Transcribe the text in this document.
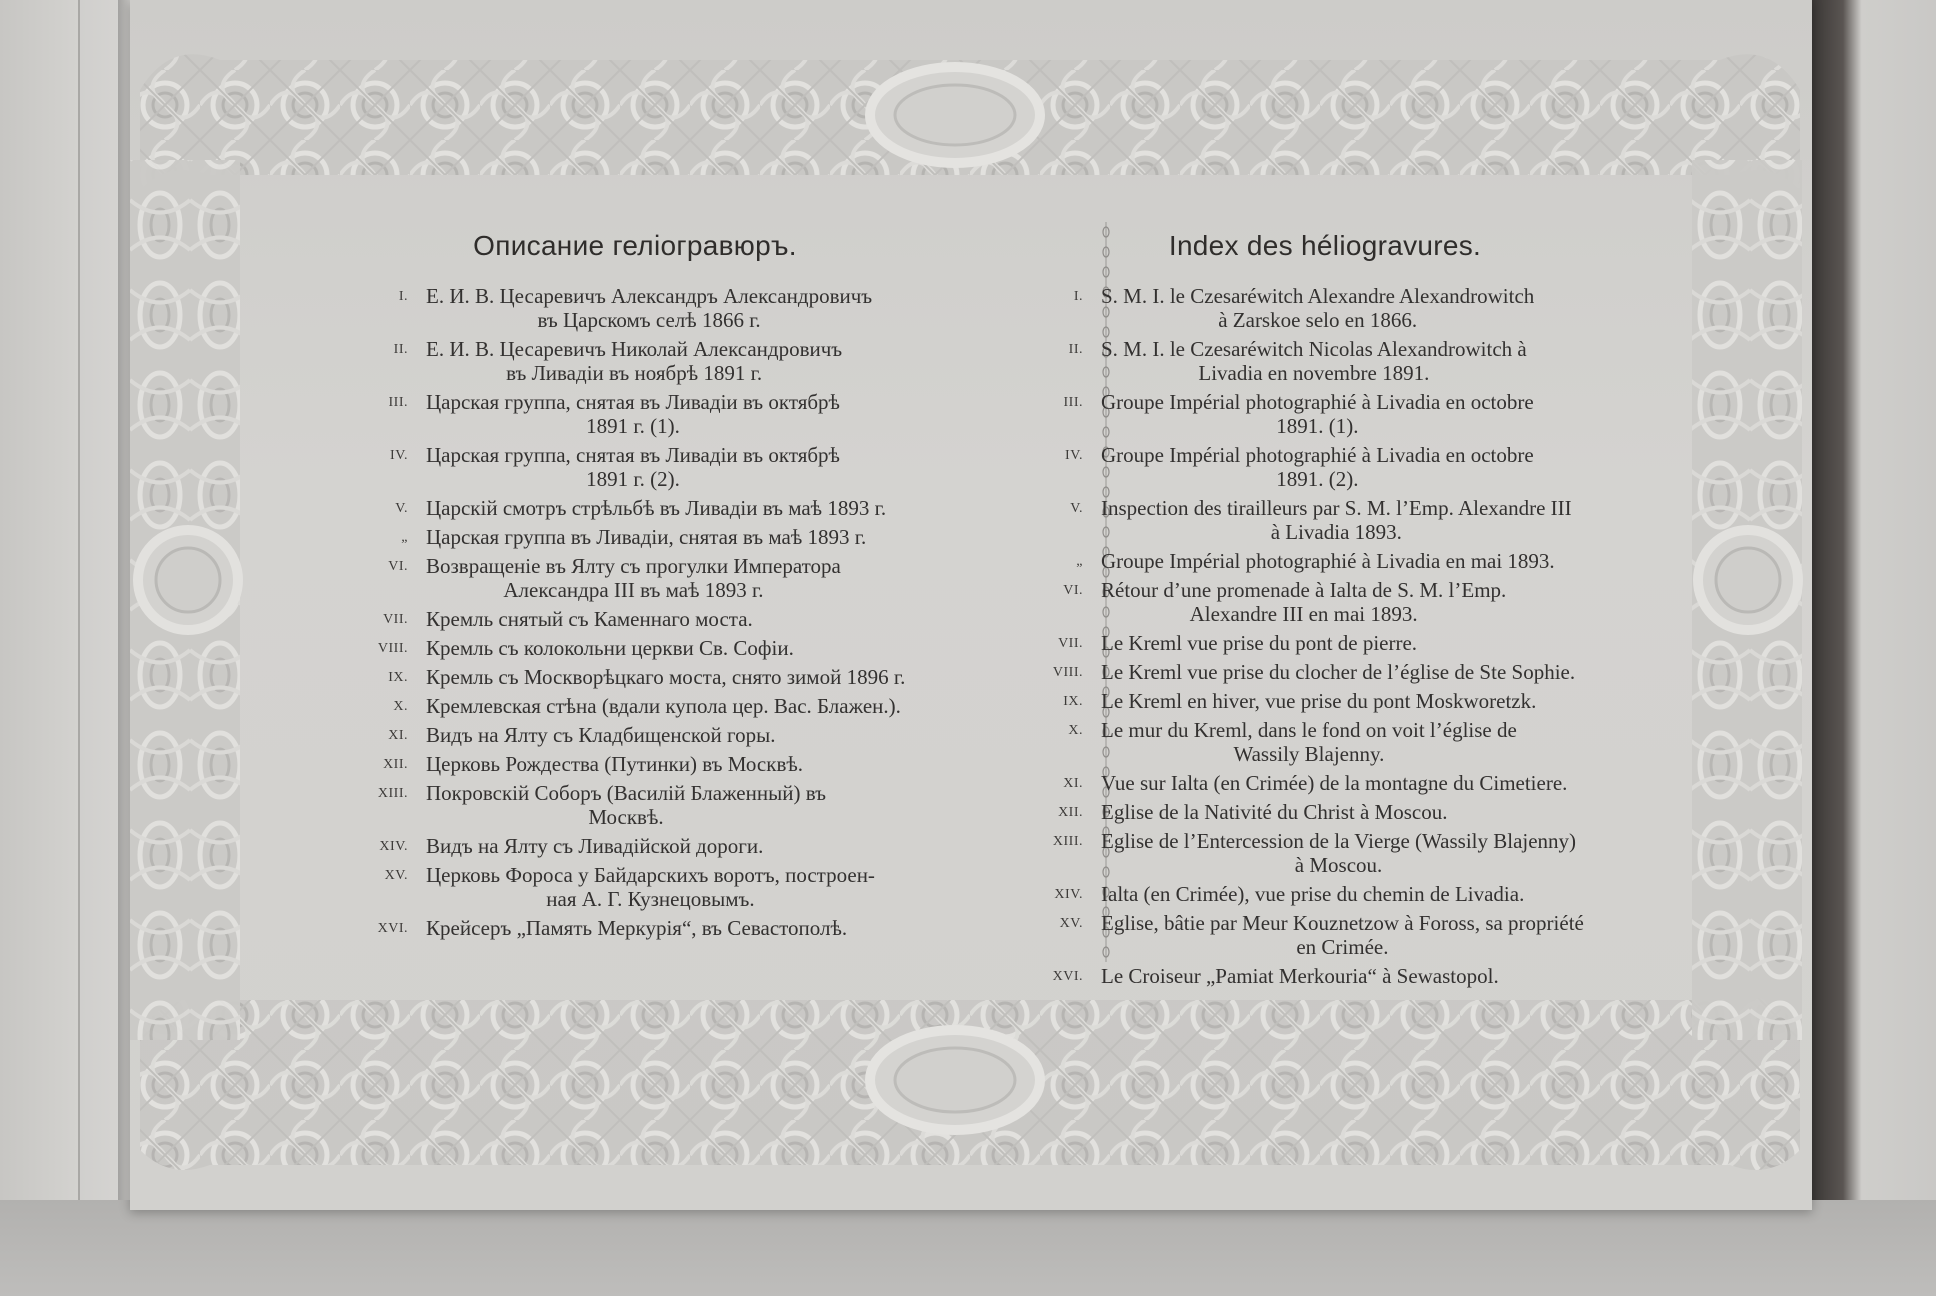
Описание геліогравюръ.
I. Е. И. В. Цесаревичъ Александръ Александровичъ
въ Царскомъ селѣ 1866 г.
II. Е. И. В. Цесаревичъ Николай Александровичъ
въ Ливадіи въ ноябрѣ 1891 г.
III. Царская группа, снятая въ Ливадіи въ октябрѣ
1891 г. (1).
IV. Царская группа, снятая въ Ливадіи въ октябрѣ
1891 г. (2).
V. Царскій смотръ стрѣльбѣ въ Ливадіи въ маѣ 1893 г.
„ Царская группа въ Ливадіи, снятая въ маѣ 1893 г.
VI. Возвращеніе въ Ялту съ прогулки Императора
Александра III въ маѣ 1893 г.
VII. Кремль снятый съ Каменнаго моста.
VIII. Кремль съ колокольни церкви Св. Софіи.
IX. Кремль съ Москворѣцкаго моста, снято зимой 1896 г.
X. Кремлевская стѣна (вдали купола цер. Вас. Блажен.).
XI. Видъ на Ялту съ Кладбищенской горы.
XII. Церковь Рождества (Путинки) въ Москвѣ.
XIII. Покровскій Соборъ (Василій Блаженный) въ
Москвѣ.
XIV. Видъ на Ялту съ Ливадійской дороги.
XV. Церковь Фороса у Байдарскихъ воротъ, построен-
ная А. Г. Кузнецовымъ.
XVI. Крейсеръ „Память Меркурія“, въ Севастополѣ.
Index des héliogravures.
I. S. M. I. le Czesaréwitch Alexandre Alexandrowitch
à Zarskoe selo en 1866.
II. S. M. I. le Czesaréwitch Nicolas Alexandrowitch à
Livadia en novembre 1891.
III. Groupe Impérial photographié à Livadia en octobre
1891. (1).
IV. Groupe Impérial photographié à Livadia en octobre
1891. (2).
V. Inspection des tirailleurs par S. M. l’Emp. Alexandre III
à Livadia 1893.
„ Groupe Impérial photographié à Livadia en mai 1893.
VI. Rétour d’une promenade à Ialta de S. M. l’Emp.
Alexandre III en mai 1893.
VII. Le Kreml vue prise du pont de pierre.
VIII. Le Kreml vue prise du clocher de l’église de Ste Sophie.
IX. Le Kreml en hiver, vue prise du pont Moskworetzk.
X. Le mur du Kreml, dans le fond on voit l’église de
Wassily Blajenny.
XI. Vue sur Ialta (en Crimée) de la montagne du Cimetiere.
XII. Eglise de la Nativité du Christ à Moscou.
XIII. Eglise de l’Entercession de la Vierge (Wassily Blajenny)
à Moscou.
XIV. Ialta (en Crimée), vue prise du chemin de Livadia.
XV. Eglise, bâtie par Meur Kouznetzow à Foross, sa propriété
en Crimée.
XVI. Le Croiseur „Pamiat Merkouria“ à Sewastopol.
